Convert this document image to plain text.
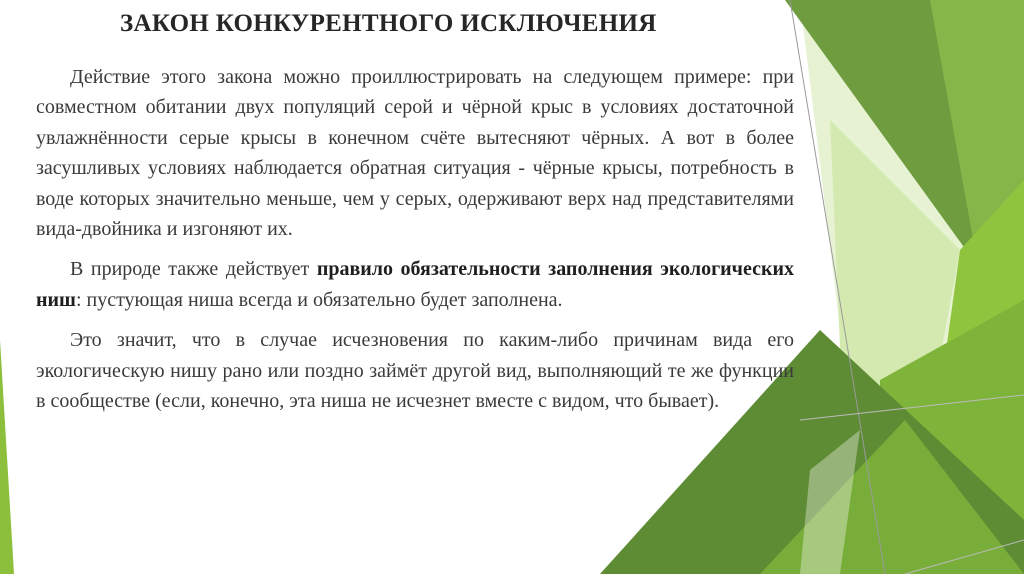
ЗАКОН КОНКУРЕНТНОГО ИСКЛЮЧЕНИЯ

Действие этого закона можно проиллюстрировать на следующем примере: при совместном обитании двух популяций серой и чёрной крыс в условиях достаточной увлажнённости серые крысы в конечном счёте вытесняют чёрных. А вот в более засушливых условиях наблюдается обратная ситуация - чёрные крысы, потребность в воде которых значительно меньше, чем у серых, одерживают верх над представителями вида-двойника и изгоняют их.

В природе также действует правило обязательности заполнения экологических ниш: пустующая ниша всегда и обязательно будет заполнена.

Это значит, что в случае исчезновения по каким-либо причинам вида его экологическую нишу рано или поздно займёт другой вид, выполняющий те же функции в сообществе (если, конечно, эта ниша не исчезнет вместе с видом, что бывает).
